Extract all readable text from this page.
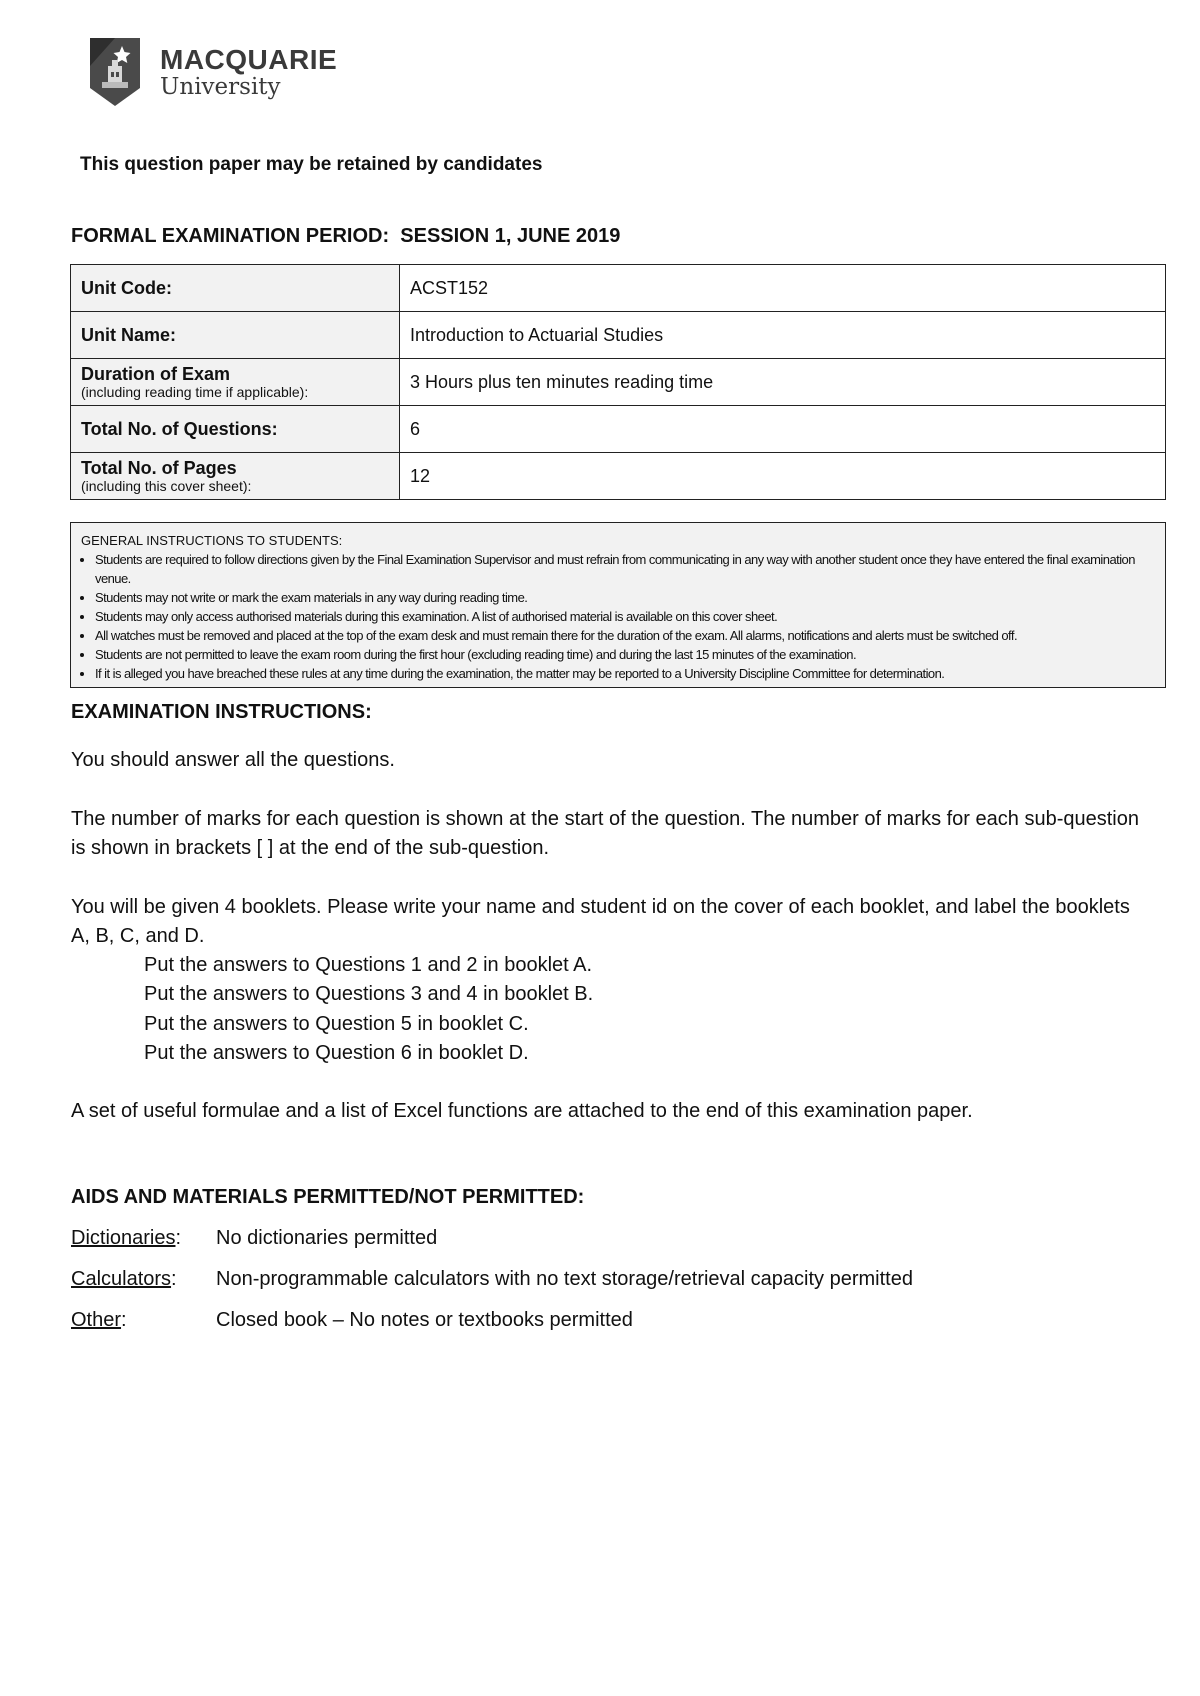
MACQUARIE
University
This question paper may be retained by candidates
FORMAL EXAMINATION PERIOD:  SESSION 1, JUNE 2019
Unit Code:	ACST152
Unit Name:	Introduction to Actuarial Studies
Duration of Exam
(including reading time if applicable):	3 Hours plus ten minutes reading time
Total No. of Questions:	6
Total No. of Pages
(including this cover sheet):	12
GENERAL INSTRUCTIONS TO STUDENTS:
• Students are required to follow directions given by the Final Examination Supervisor and must refrain from communicating in any way with another student once they have entered the final examination venue.
• Students may not write or mark the exam materials in any way during reading time.
• Students may only access authorised materials during this examination. A list of authorised material is available on this cover sheet.
• All watches must be removed and placed at the top of the exam desk and must remain there for the duration of the exam. All alarms, notifications and alerts must be switched off.
• Students are not permitted to leave the exam room during the first hour (excluding reading time) and during the last 15 minutes of the examination.
• If it is alleged you have breached these rules at any time during the examination, the matter may be reported to a University Discipline Committee for determination.
EXAMINATION INSTRUCTIONS:
You should answer all the questions.
The number of marks for each question is shown at the start of the question. The number of marks for each sub-question is shown in brackets [ ] at the end of the sub-question.
You will be given 4 booklets. Please write your name and student id on the cover of each booklet, and label the booklets A, B, C, and D.
Put the answers to Questions 1 and 2 in booklet A.
Put the answers to Questions 3 and 4 in booklet B.
Put the answers to Question 5 in booklet C.
Put the answers to Question 6 in booklet D.
A set of useful formulae and a list of Excel functions are attached to the end of this examination paper.
AIDS AND MATERIALS PERMITTED/NOT PERMITTED:
Dictionaries: No dictionaries permitted
Calculators: Non-programmable calculators with no text storage/retrieval capacity permitted
Other:	Closed book – No notes or textbooks permitted
